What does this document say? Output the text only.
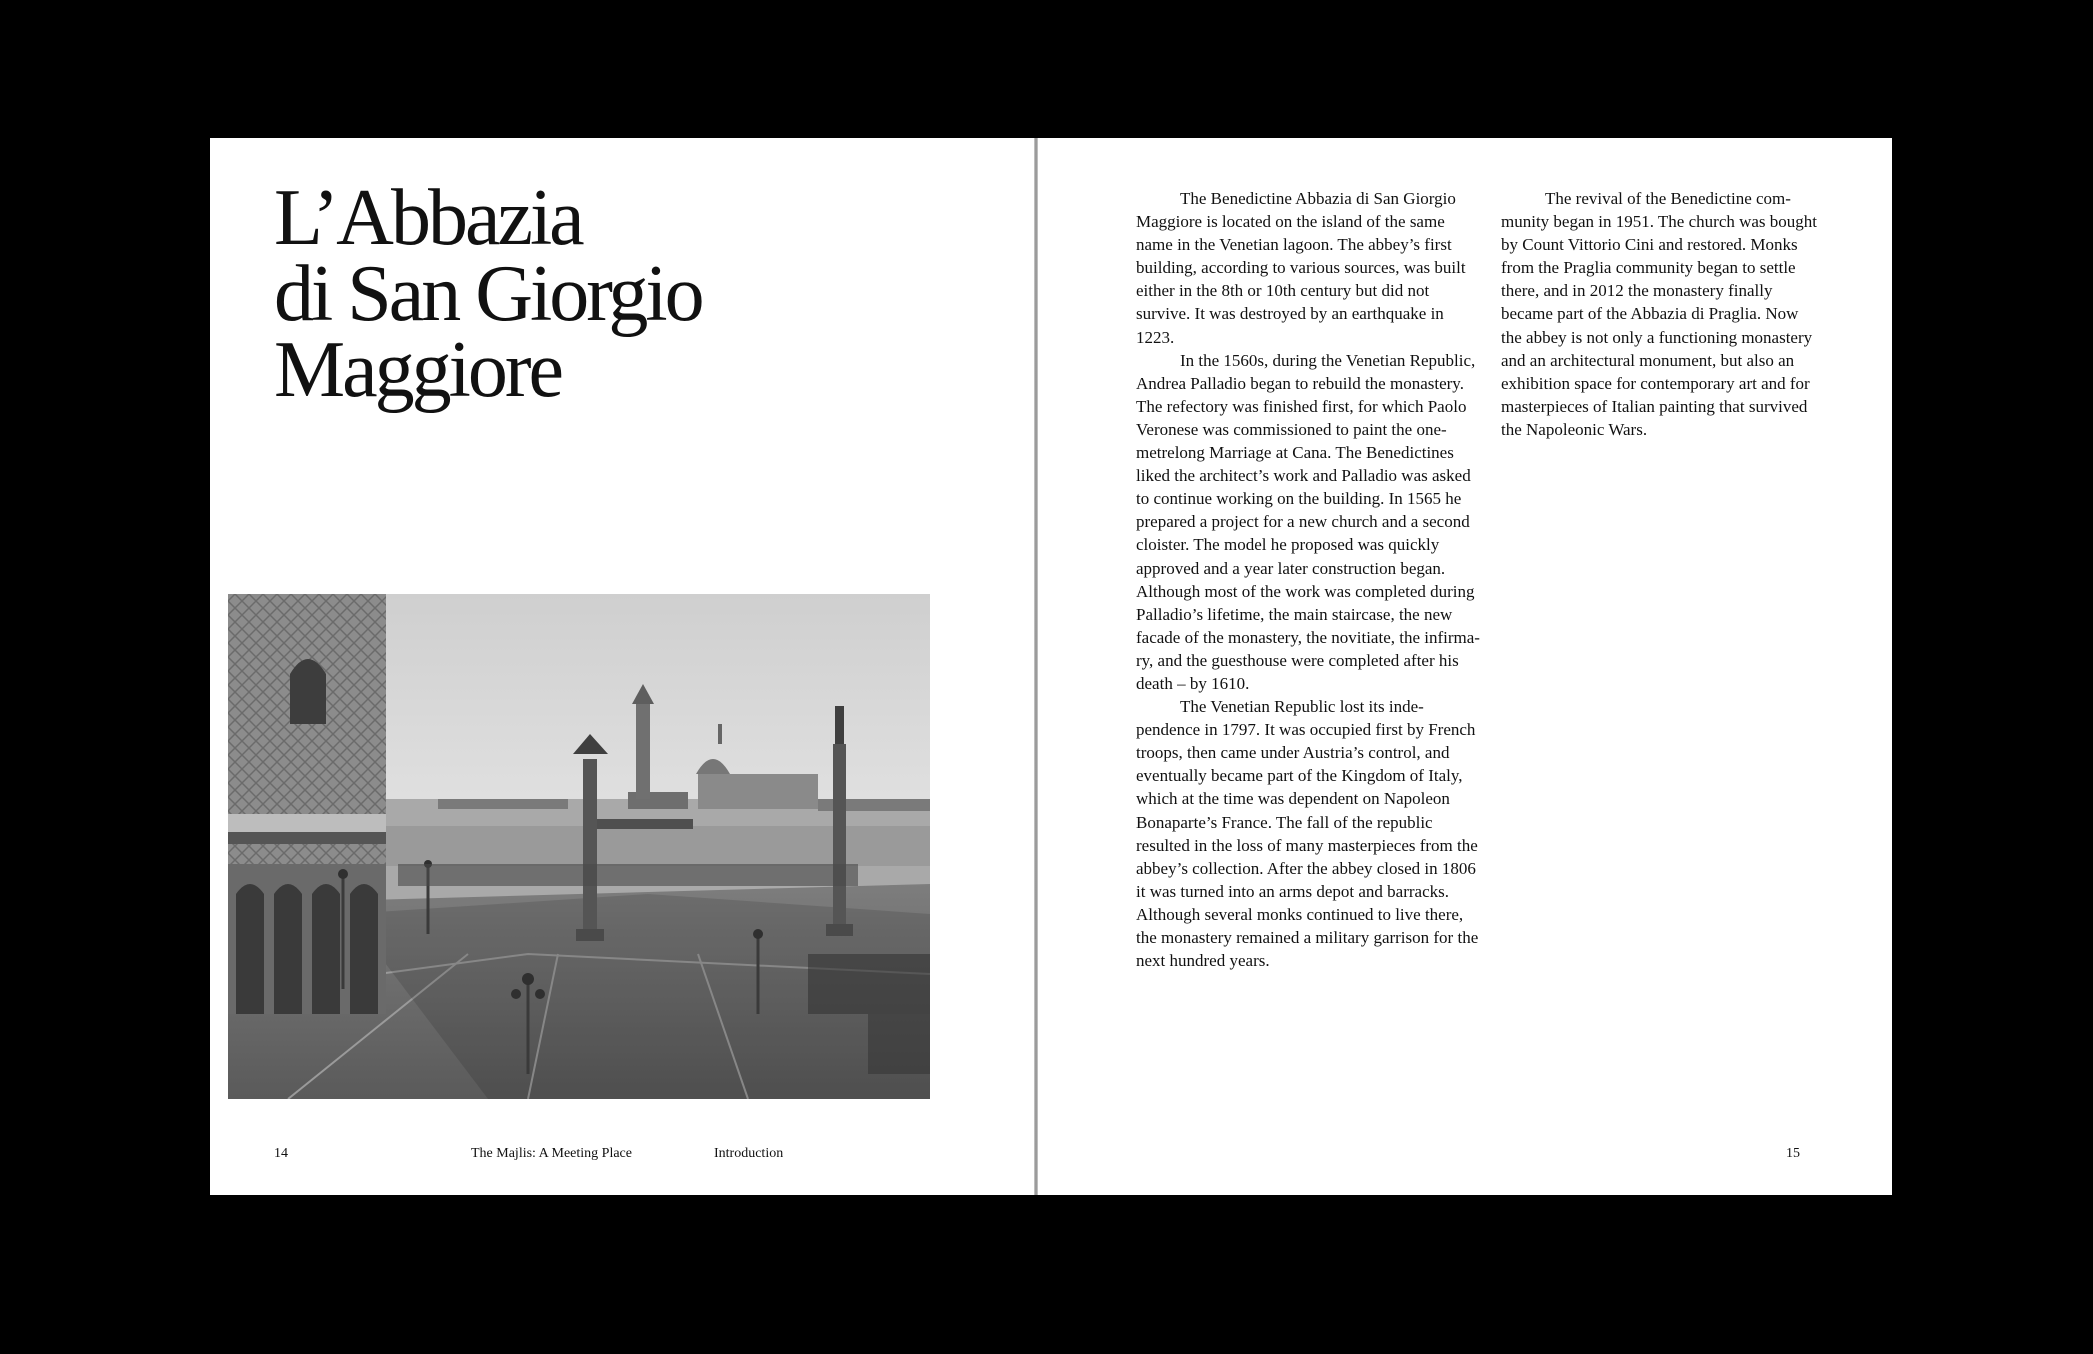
L’Abbazia
di San Giorgio
Maggiore
14	The Majlis: A Meeting Place	Introduction

The Benedictine Abbazia di San Giorgio Maggiore is located on the island of the same name in the Venetian lagoon. The abbey’s first building, according to various sources, was built either in the 8th or 10th century but did not survive. It was destroyed by an earthquake in 1223.

In the 1560s, during the Venetian Republic, Andrea Palladio began to rebuild the monastery. The refectory was finished first, for which Paolo Veronese was commissioned to paint the one-metrelong Marriage at Cana. The Benedictines liked the architect’s work and Palladio was asked to continue working on the building. In 1565 he prepared a project for a new church and a second cloister. The model he proposed was quickly approved and a year later construction began. Although most of the work was completed during Palladio’s lifetime, the main staircase, the new facade of the monastery, the novitiate, the infirmary, and the guesthouse were completed after his death – by 1610.

The Venetian Republic lost its independence in 1797. It was occupied first by French troops, then came under Austria’s control, and eventually became part of the Kingdom of Italy, which at the time was dependent on Napoleon Bonaparte’s France. The fall of the republic resulted in the loss of many masterpieces from the abbey’s collection. After the abbey closed in 1806 it was turned into an arms depot and barracks. Although several monks continued to live there, the monastery remained a military garrison for the next hundred years.

The revival of the Benedictine community began in 1951. The church was bought by Count Vittorio Cini and restored. Monks from the Praglia community began to settle there, and in 2012 the monastery finally became part of the Abbazia di Praglia. Now the abbey is not only a functioning monastery and an architectural monument, but also an exhibition space for contemporary art and for masterpieces of Italian painting that survived the Napoleonic Wars.

15
